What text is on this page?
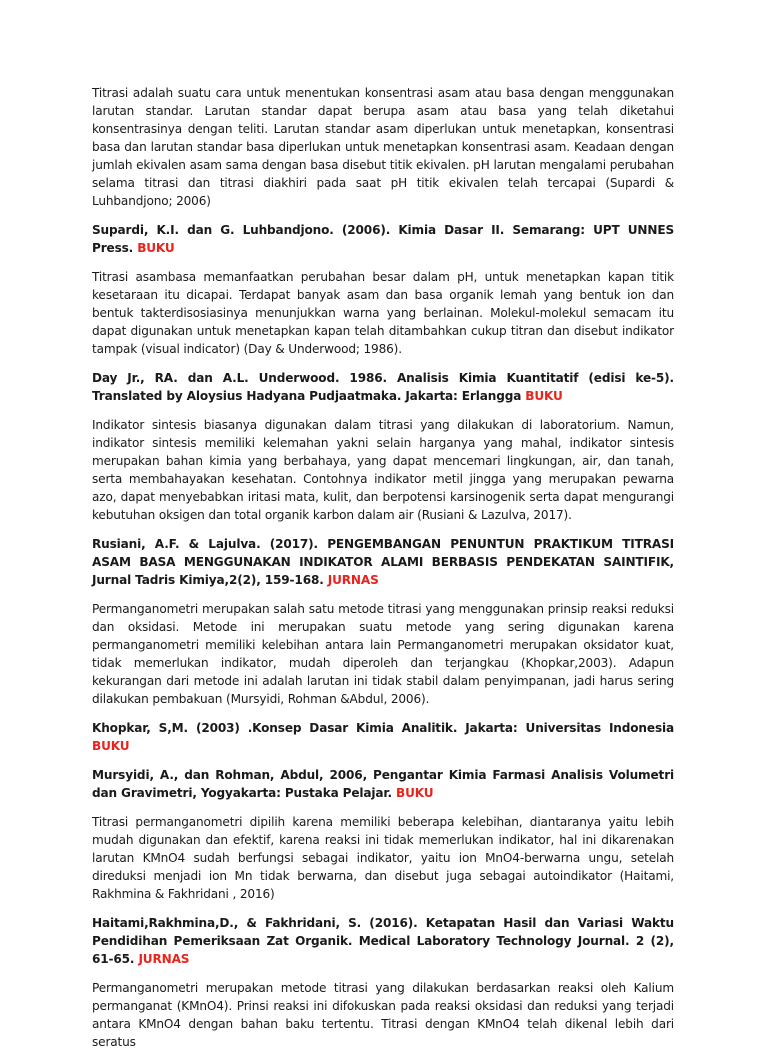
Titrasi adalah suatu cara untuk menentukan konsentrasi asam atau basa dengan menggunakan larutan standar. Larutan standar dapat berupa asam atau basa yang telah diketahui konsentrasinya dengan teliti. Larutan standar asam diperlukan untuk menetapkan, konsentrasi basa dan larutan standar basa diperlukan untuk menetapkan konsentrasi asam. Keadaan dengan jumlah ekivalen asam sama dengan basa disebut titik ekivalen. pH larutan mengalami perubahan selama titrasi dan titrasi diakhiri pada saat pH titik ekivalen telah tercapai (Supardi & Luhbandjono; 2006)

Supardi, K.I. dan G. Luhbandjono. (2006). Kimia Dasar II. Semarang: UPT UNNES Press. BUKU

Titrasi asambasa memanfaatkan perubahan besar dalam pH, untuk menetapkan kapan titik kesetaraan itu dicapai. Terdapat banyak asam dan basa organik lemah yang bentuk ion dan bentuk takterdisosiasinya menunjukkan warna yang berlainan. Molekul-molekul semacam itu dapat digunakan untuk menetapkan kapan telah ditambahkan cukup titran dan disebut indikator tampak (visual indicator) (Day & Underwood; 1986).

Day Jr., RA. dan A.L. Underwood. 1986. Analisis Kimia Kuantitatif (edisi ke-5). Translated by Aloysius Hadyana Pudjaatmaka. Jakarta: Erlangga BUKU

Indikator sintesis biasanya digunakan dalam titrasi yang dilakukan di laboratorium. Namun, indikator sintesis memiliki kelemahan yakni selain harganya yang mahal, indikator sintesis merupakan bahan kimia yang berbahaya, yang dapat mencemari lingkungan, air, dan tanah, serta membahayakan kesehatan. Contohnya indikator metil jingga yang merupakan pewarna azo, dapat menyebabkan iritasi mata, kulit, dan berpotensi karsinogenik serta dapat mengurangi kebutuhan oksigen dan total organik karbon dalam air (Rusiani & Lazulva, 2017).

Rusiani, A.F. & Lajulva. (2017). PENGEMBANGAN PENUNTUN PRAKTIKUM TITRASI ASAM BASA MENGGUNAKAN INDIKATOR ALAMI BERBASIS PENDEKATAN SAINTIFIK, Jurnal Tadris Kimiya,2(2), 159-168. JURNAS

Permanganometri merupakan salah satu metode titrasi yang menggunakan prinsip reaksi reduksi dan oksidasi. Metode ini merupakan suatu metode yang sering digunakan karena permanganometri memiliki kelebihan antara lain Permanganometri merupakan oksidator kuat, tidak memerlukan indikator, mudah diperoleh dan terjangkau (Khopkar,2003). Adapun kekurangan dari metode ini adalah larutan ini tidak stabil dalam penyimpanan, jadi harus sering dilakukan pembakuan (Mursyidi, Rohman &Abdul, 2006).

Khopkar, S,M. (2003) .Konsep Dasar Kimia Analitik. Jakarta: Universitas Indonesia BUKU

Mursyidi, A., dan Rohman, Abdul, 2006, Pengantar Kimia Farmasi Analisis Volumetri dan Gravimetri, Yogyakarta: Pustaka Pelajar. BUKU

Titrasi permanganometri dipilih karena memiliki beberapa kelebihan, diantaranya yaitu lebih mudah digunakan dan efektif, karena reaksi ini tidak memerlukan indikator, hal ini dikarenakan larutan KMnO4 sudah berfungsi sebagai indikator, yaitu ion MnO4-berwarna ungu, setelah direduksi menjadi ion Mn tidak berwarna, dan disebut juga sebagai autoindikator (Haitami, Rakhmina & Fakhridani , 2016)

Haitami,Rakhmina,D., & Fakhridani, S. (2016). Ketapatan Hasil dan Variasi Waktu Pendidihan Pemeriksaan Zat Organik. Medical Laboratory Technology Journal. 2 (2), 61-65. JURNAS

Permanganometri merupakan metode titrasi yang dilakukan berdasarkan reaksi oleh Kalium permanganat (KMnO4). Prinsi reaksi ini difokuskan pada reaksi oksidasi dan reduksi yang terjadi antara KMnO4 dengan bahan baku tertentu. Titrasi dengan KMnO4 telah dikenal lebih dari seratus
